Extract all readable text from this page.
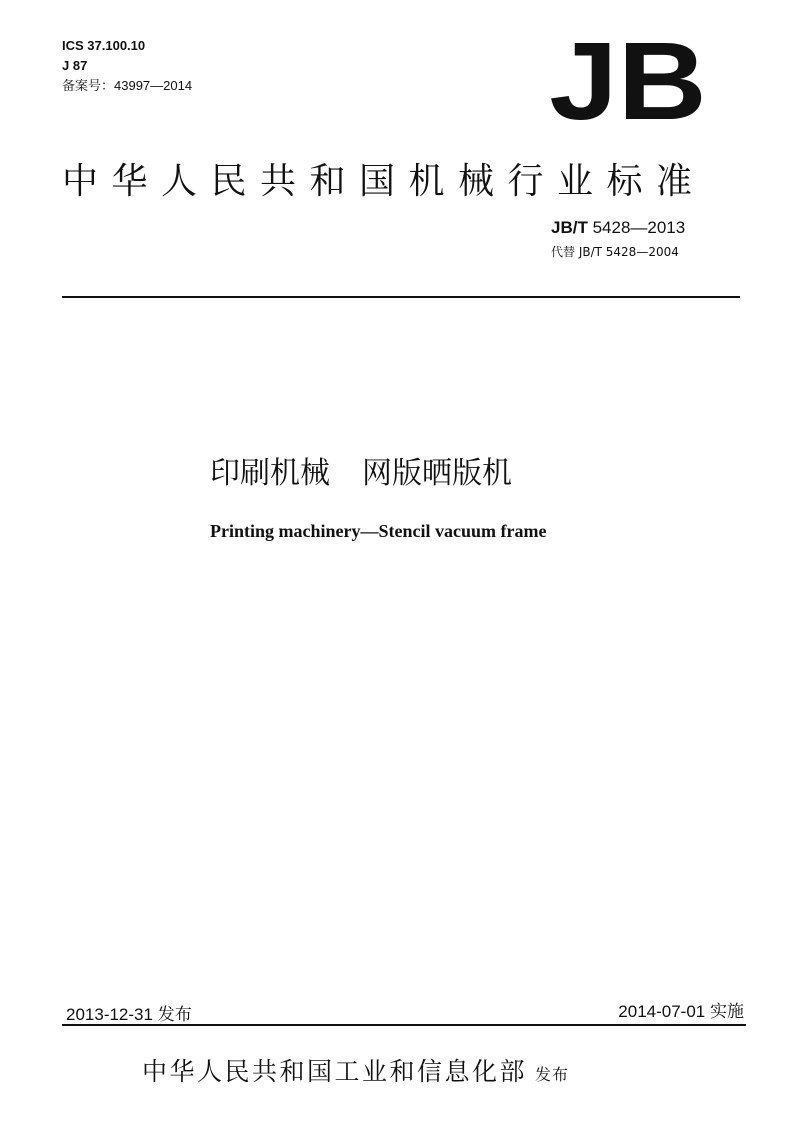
ICS 37.100.10
J 87
备案号：43997—2014	JB
中华人民共和国机械行业标准
JB/T 5428—2013
代替 JB/T 5428—2004
印刷机械 网版晒版机
Printing machinery—Stencil vacuum frame
2013-12-31 发布	2014-07-01 实施
中华人民共和国工业和信息化部 发布
